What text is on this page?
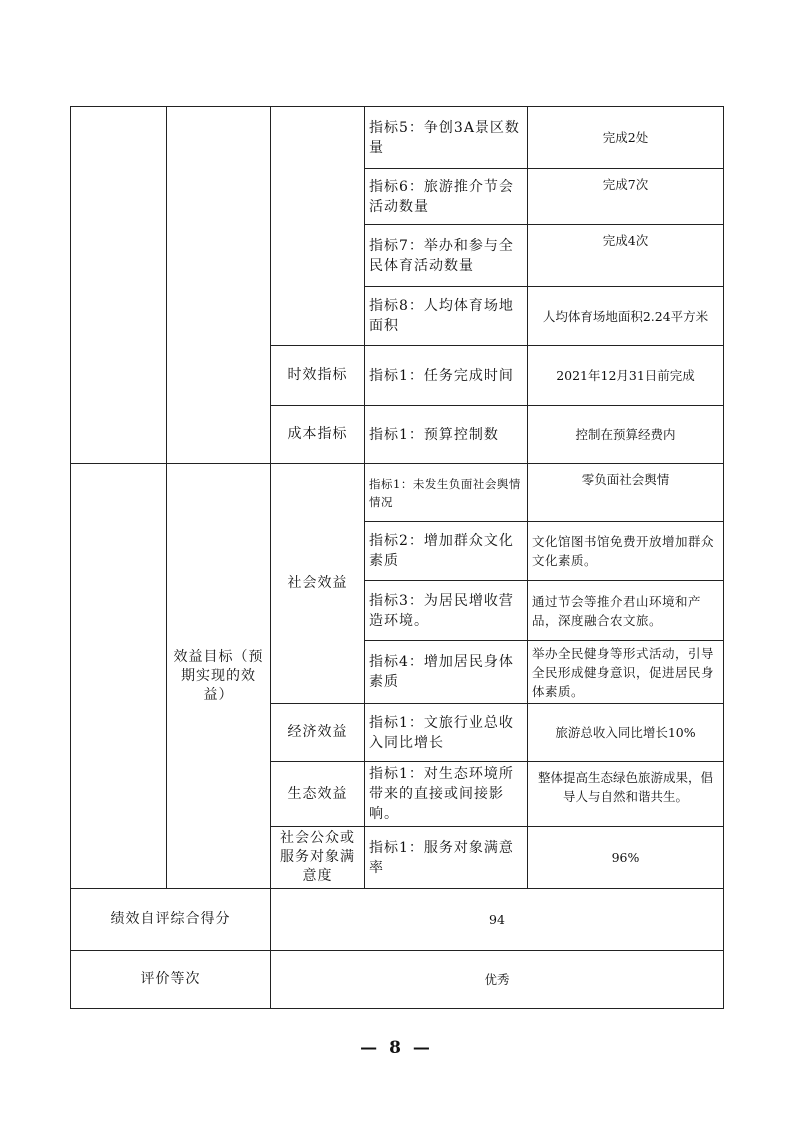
			指标5：争创3A景区数量	完成2处
			指标6：旅游推介节会活动数量	完成7次
			指标7：举办和参与全民体育活动数量	完成4次
			指标8：人均体育场地面积	人均体育场地面积2.24平方米
		时效指标	指标1：任务完成时间	2021年12月31日前完成
		成本指标	指标1：预算控制数	控制在预算经费内
	效益目标（预期实现的效益）	社会效益	指标1：未发生负面社会舆情情况	零负面社会舆情
			指标2：增加群众文化素质	文化馆图书馆免费开放增加群众文化素质。
			指标3：为居民增收营造环境。	通过节会等推介君山环境和产品，深度融合农文旅。
			指标4：增加居民身体素质	举办全民健身等形式活动，引导全民形成健身意识，促进居民身体素质。
		经济效益	指标1：文旅行业总收入同比增长	旅游总收入同比增长10%
		生态效益	指标1：对生态环境所带来的直接或间接影响。	整体提高生态绿色旅游成果，倡导人与自然和谐共生。
		社会公众或服务对象满意度	指标1：服务对象满意率	96%
绩效自评综合得分		94		
评价等次		优秀		
— 8 —
